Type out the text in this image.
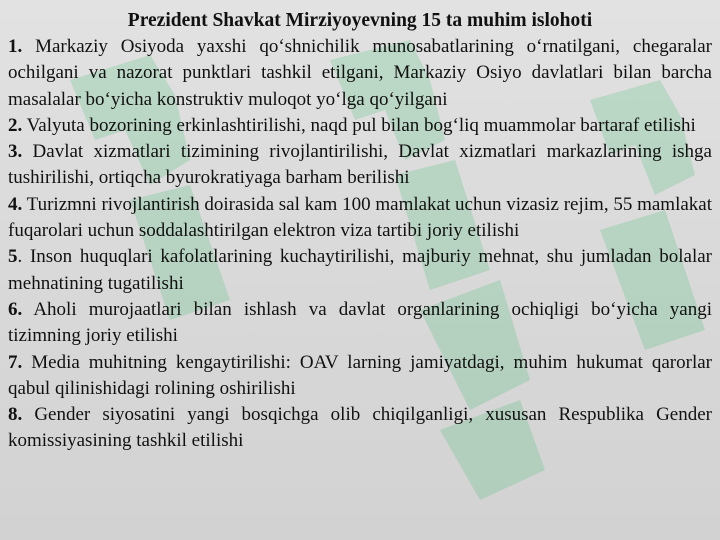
Prezident Shavkat Mirziyoyevning 15 ta muhim islohoti

1. Markaziy Osiyoda yaxshi qo‘shnichilik munosabatlarining o‘rnatilgani, chegaralar ochilgani va nazorat punktlari tashkil etilgani, Markaziy Osiyo davlatlari bilan barcha masalalar bo‘yicha konstruktiv muloqot yo‘lga qo‘yilgani

2. Valyuta bozorining erkinlashtirilishi, naqd pul bilan bog‘liq muammolar bartaraf etilishi

3. Davlat xizmatlari tizimining rivojlantirilishi, Davlat xizmatlari markazlarining ishga tushirilishi, ortiqcha byurokratiyaga barham berilishi

4. Turizmni rivojlantirish doirasida sal kam 100 mamlakat uchun vizasiz rejim, 55 mamlakat fuqarolari uchun soddalashtirilgan elektron viza tartibi joriy etilishi

5. Inson huquqlari kafolatlarining kuchaytirilishi, majburiy mehnat, shu jumladan bolalar mehnatining tugatilishi

6. Aholi murojaatlari bilan ishlash va davlat organlarining ochiqligi bo‘yicha yangi tizimning joriy etilishi

7. Media muhitning kengaytirilishi: OAV larning jamiyatdagi, muhim hukumat qarorlar qabul qilinishidagi rolining oshirilishi

8. Gender siyosatini yangi bosqichga olib chiqilganligi, xususan Respublika Gender komissiyasining tashkil etilishi
